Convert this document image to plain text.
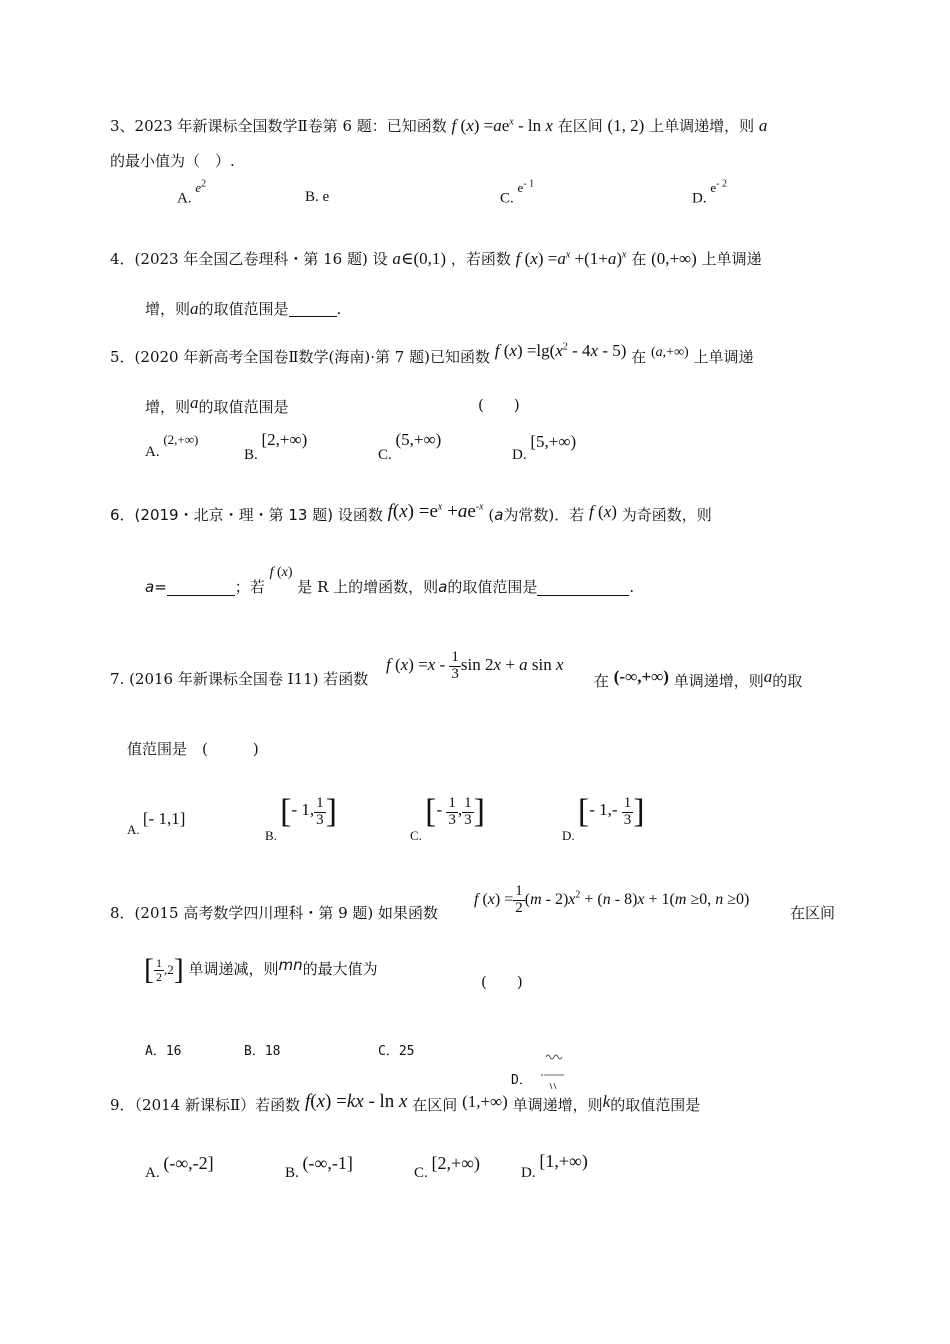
3、2023 年新课标全国数学Ⅱ卷第 6 题：已知函数 f $(x) =ae^x - \ln x$ 在区间 (1, 2) 上单调递增，则 a
的最小值为（　）.
A. $e^2$
B. e	C. $e^{- 1}$
D. $e^{- 2}$
4．(2023 年全国乙卷理科・第 16 题) 设 a∈(0,1) ，若函数 f $(x) =a^x +(1+a)^x$ 在 (0,+∞) 上单调递
增，则a的取值范围是	.
5．(2020 年新高考全国卷Ⅱ数学(海南)·第 7 题)已知函数 f $(x) =\lg(x^2 - 4x - 5)$ 在 (a,+∞) 上单调递
增，则a的取值范围是	(　　)
A. (2,+∞)
B. [2,+∞)
C. (5,+∞)
D. [5,+∞)
6．(2019・北京・理・第 13 题) 设函数 $f(x) =e^x +ae^{-x}$ (a为常数)．若 f (x) 为奇函数，则
a=	；若 f (x) 是 R 上的增函数，则a的取值范围是	.
7. (2016 年新课标全国卷 I11) 若函数
f $(x) =x - \frac{1}{3}$ sin 2x + a sin x
在 (-∞,+∞) 单调递增，则a的取
值范围是　(　　　)
A. [- 1,1]
B. [- 1, $\frac{1}{3}$ ]
C. [- $\frac{1}{3}$ , $\frac{1}{3}$ ]
D. [- $1,- \frac{1}{3}$ ]
8．(2015 高考数学四川理科・第 9 题) 如果函数
f $(x) = \frac{1}{2} (m - 2)x^2 + (n - 8)x + 1(m \ge 0$, n ≥0)
在区间
[ $\frac{1}{2} ,2$] 单调递减，则mn的最大值为
(　　)
A．16	B．18	C．25
D．
9．（2014 新课标Ⅱ）若函数 f(x) =kx - ln x 在区间 (1,+∞) 单调递增，则k的取值范围是
A. (-∞,-2]	B. (-∞,-1]	C. [2,+∞)	D. [1,+∞)
